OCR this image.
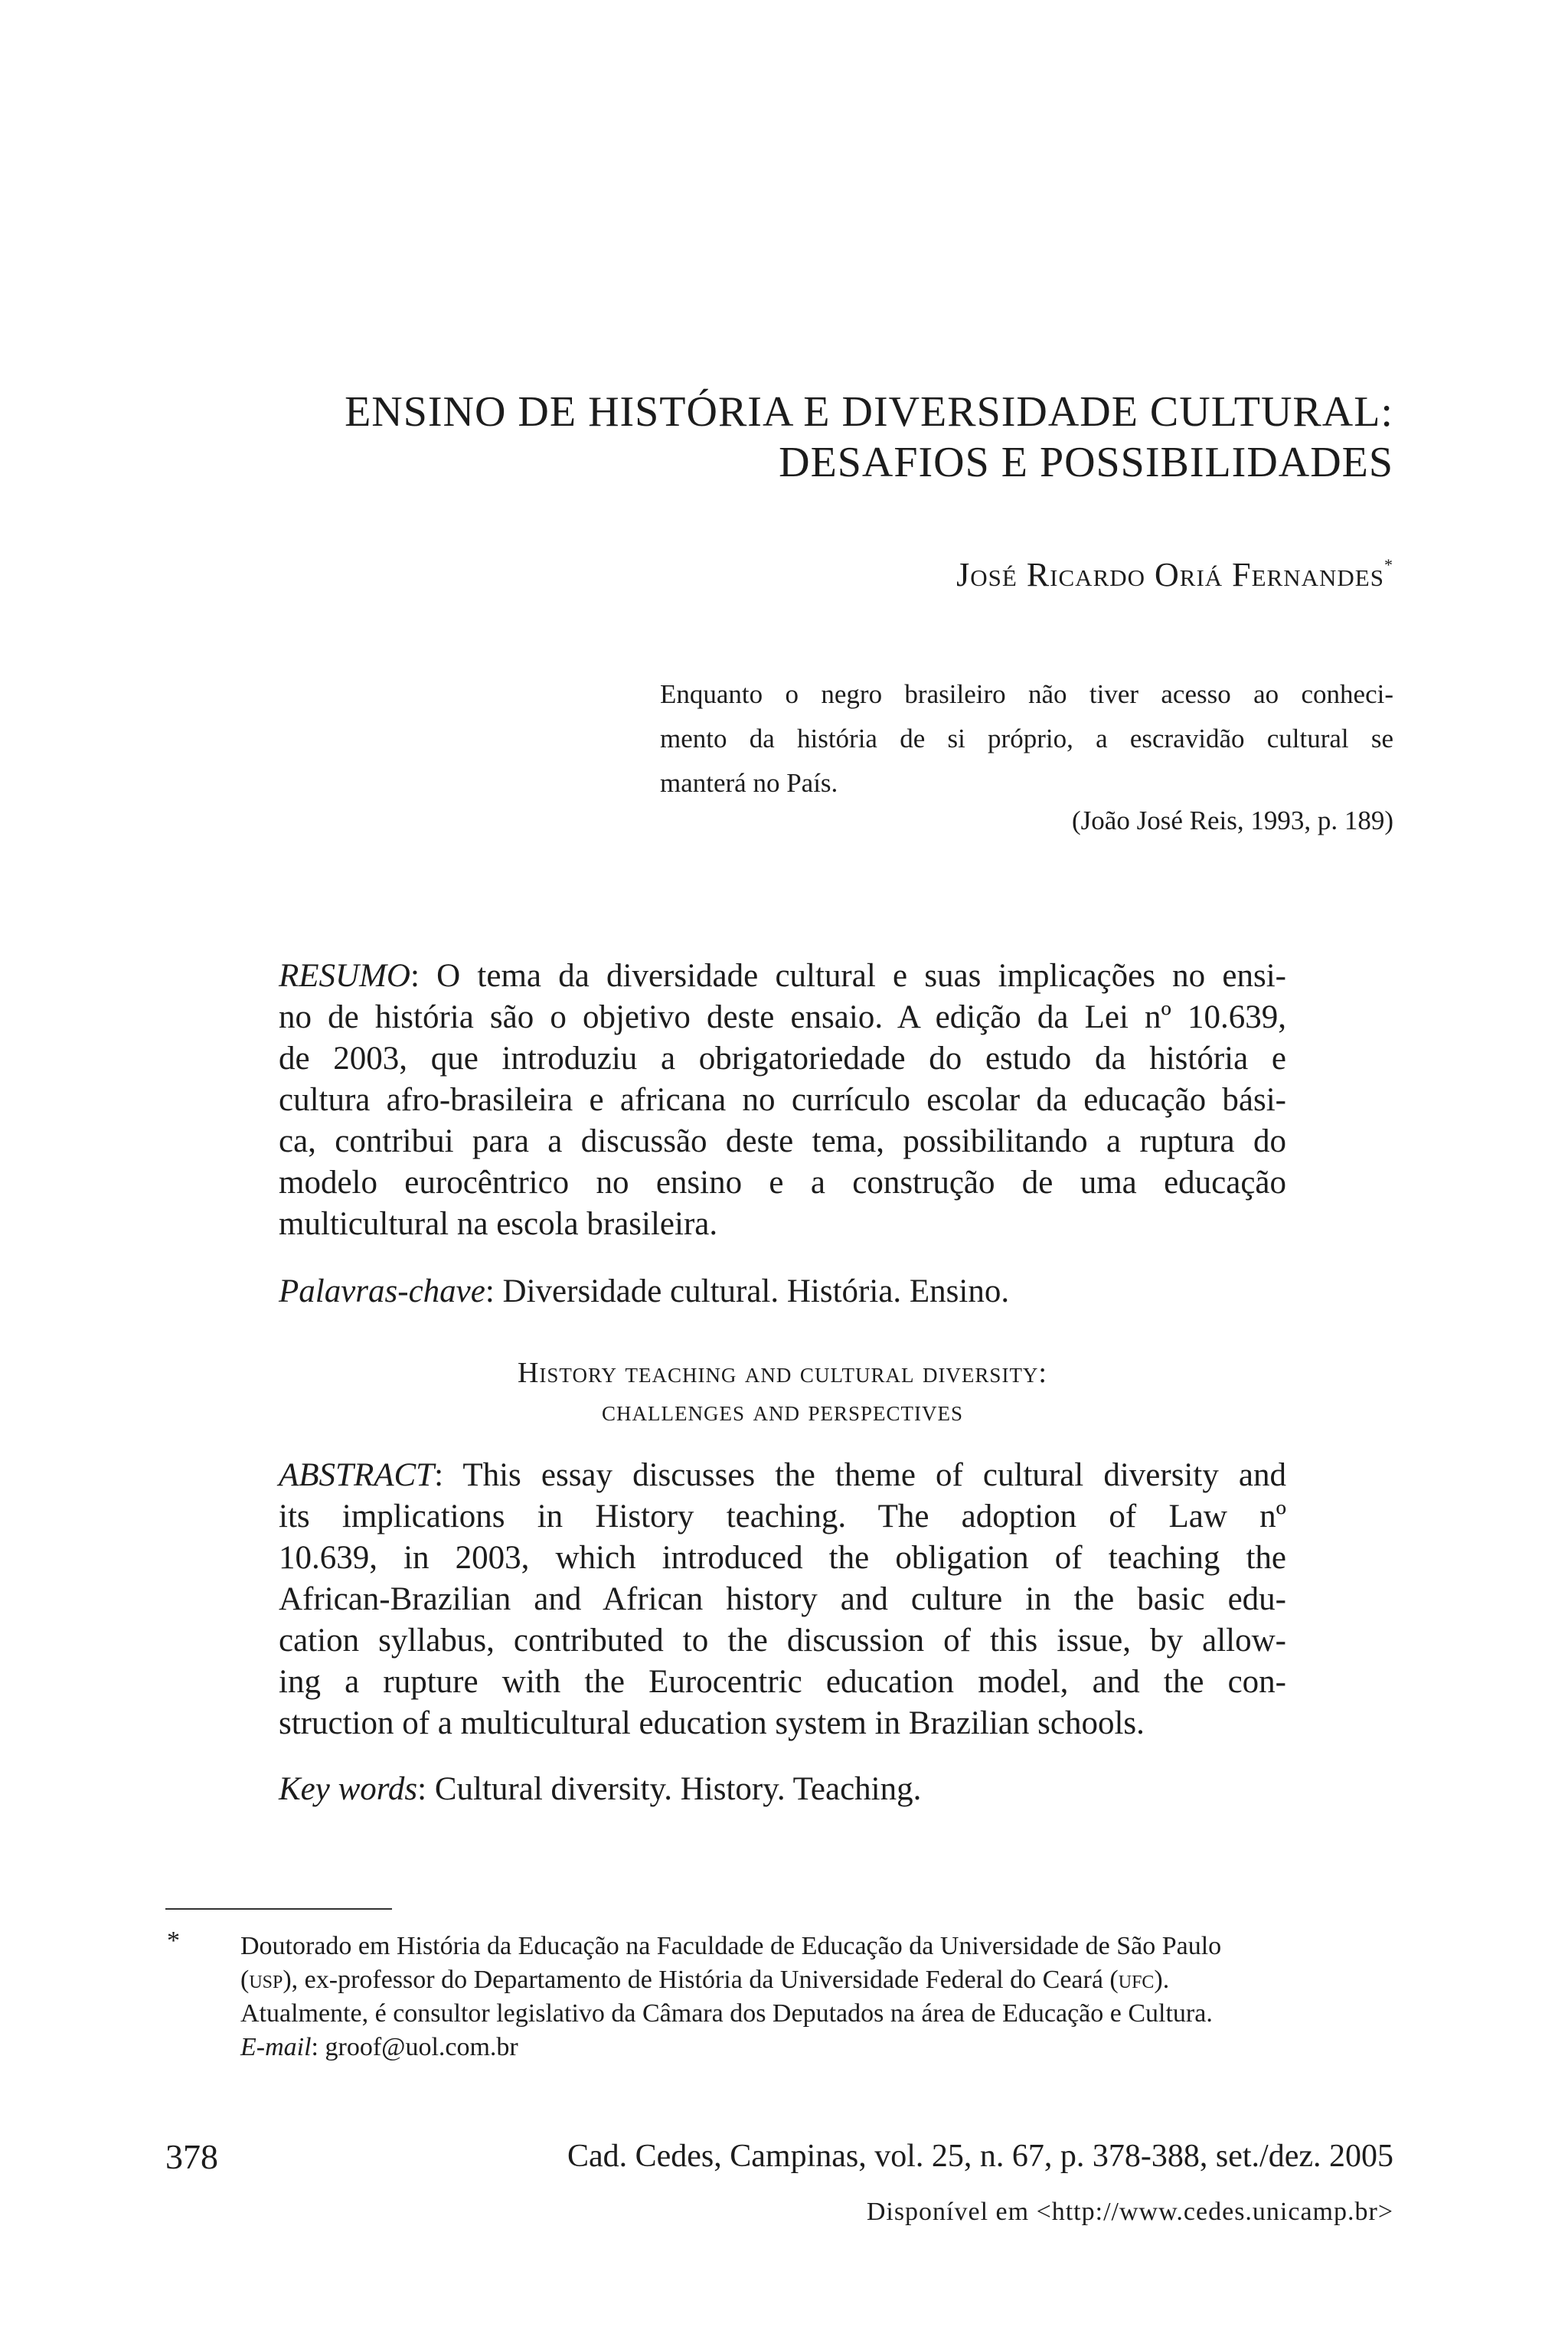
ENSINO DE HISTÓRIA E DIVERSIDADE CULTURAL:
DESAFIOS E POSSIBILIDADES
José Ricardo Oriá Fernandes*
Enquanto o negro brasileiro não tiver acesso ao conheci-
mento da história de si próprio, a escravidão cultural se
manterá no País.
(João José Reis, 1993, p. 189)
RESUMO: O tema da diversidade cultural e suas implicações no ensi-
no de história são o objetivo deste ensaio. A edição da Lei nº 10.639,
de 2003, que introduziu a obrigatoriedade do estudo da história e
cultura afro-brasileira e africana no currículo escolar da educação bási-
ca, contribui para a discussão deste tema, possibilitando a ruptura do
modelo eurocêntrico no ensino e a construção de uma educação
multicultural na escola brasileira.
Palavras-chave: Diversidade cultural. História. Ensino.
History teaching and cultural diversity:
challenges and perspectives
ABSTRACT: This essay discusses the theme of cultural diversity and
its implications in History teaching. The adoption of Law nº
10.639, in 2003, which introduced the obligation of teaching the
African-Brazilian and African history and culture in the basic edu-
cation syllabus, contributed to the discussion of this issue, by allow-
ing a rupture with the Eurocentric education model, and the con-
struction of a multicultural education system in Brazilian schools.
Key words: Cultural diversity. History. Teaching.
* Doutorado em História da Educação na Faculdade de Educação da Universidade de São Paulo
(usp), ex-professor do Departamento de História da Universidade Federal do Ceará (ufc).
Atualmente, é consultor legislativo da Câmara dos Deputados na área de Educação e Cultura.
E-mail: groof@uol.com.br
378	Cad. Cedes, Campinas, vol. 25, n. 67, p. 378-388, set./dez. 2005
Disponível em <http://www.cedes.unicamp.br>
